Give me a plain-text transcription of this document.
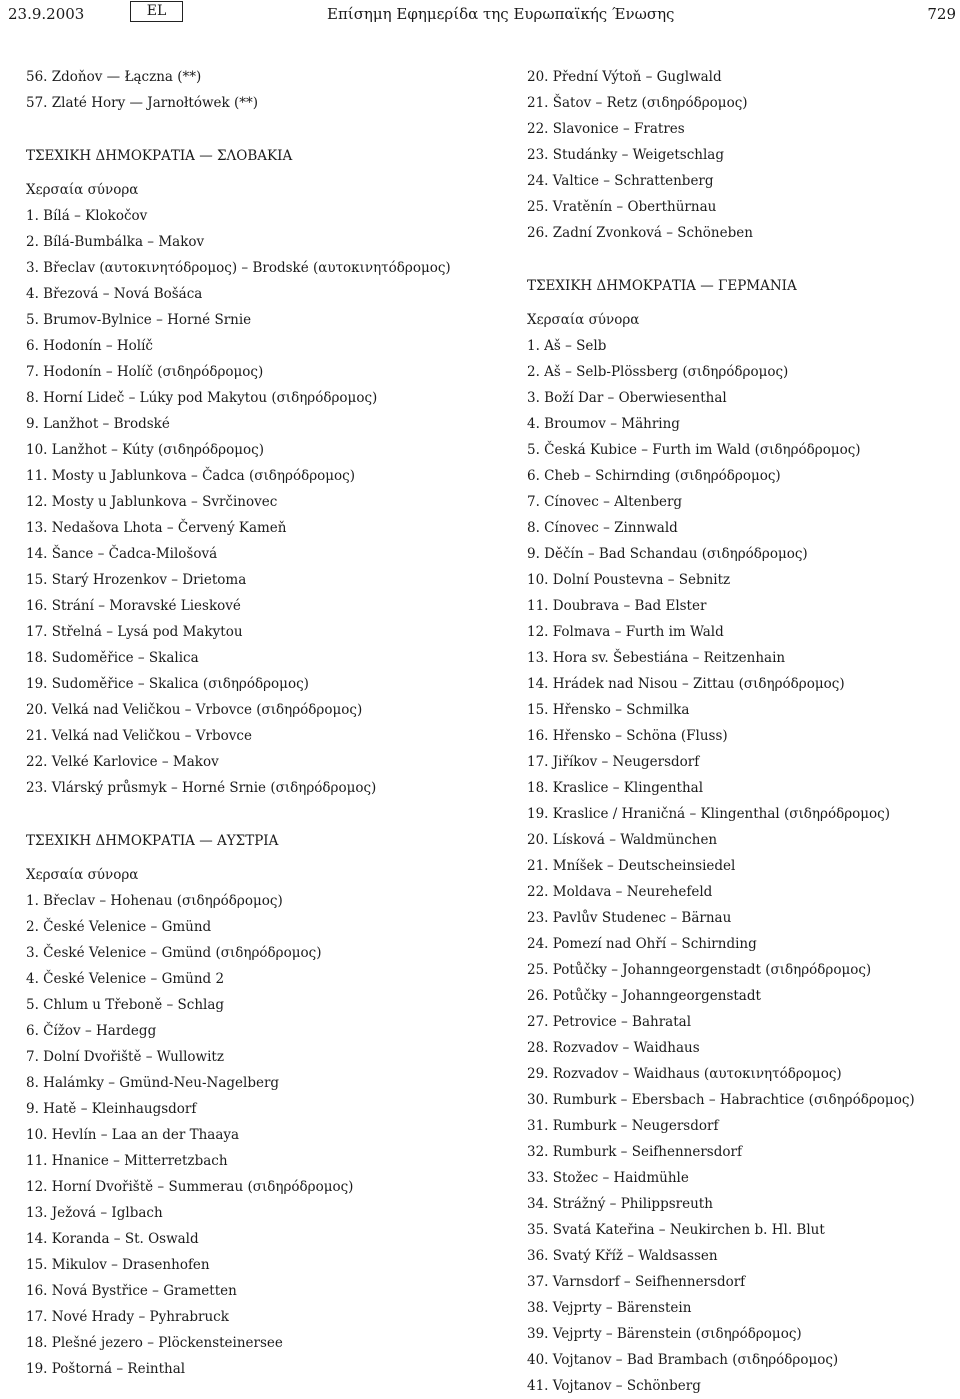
23.9.2003	EL	Επίσημη Εφημερίδα της Ευρωπαϊκής Ένωσης	729
56. Zdoňov — Łączna (**)
57. Zlaté Hory — Jarnołtówek (**)
ΤΣΕΧΙΚΗ ΔΗΜΟΚΡΑΤΙΑ — ΣΛΟΒΑΚΙΑ
Χερσαία σύνορα
1. Bílá – Klokočov
2. Bílá-Bumbálka – Makov
3. Břeclav (αυτοκινητόδρομος) – Brodské (αυτοκινητόδρομος)
4. Březová – Nová Bošáca
5. Brumov-Bylnice – Horné Srnie
6. Hodonín – Holíč
7. Hodonín – Holíč (σιδηρόδρομος)
8. Horní Lideč – Lúky pod Makytou (σιδηρόδρομος)
9. Lanžhot – Brodské
10. Lanžhot – Kúty (σιδηρόδρομος)
11. Mosty u Jablunkova – Čadca (σιδηρόδρομος)
12. Mosty u Jablunkova – Svrčinovec
13. Nedašova Lhota – Červený Kameň
14. Šance – Čadca-Milošová
15. Starý Hrozenkov – Drietoma
16. Strání – Moravské Lieskové
17. Střelná – Lysá pod Makytou
18. Sudoměřice – Skalica
19. Sudoměřice – Skalica (σιδηρόδρομος)
20. Velká nad Veličkou – Vrbovce (σιδηρόδρομος)
21. Velká nad Veličkou – Vrbovce
22. Velké Karlovice – Makov
23. Vlárský průsmyk – Horné Srnie (σιδηρόδρομος)
ΤΣΕΧΙΚΗ ΔΗΜΟΚΡΑΤΙΑ — ΑΥΣΤΡΙΑ
Χερσαία σύνορα
1. Břeclav – Hohenau (σιδηρόδρομος)
2. České Velenice – Gmünd
3. České Velenice – Gmünd (σιδηρόδρομος)
4. České Velenice – Gmünd 2
5. Chlum u Třeboně – Schlag
6. Čížov – Hardegg
7. Dolní Dvořiště – Wullowitz
8. Halámky – Gmünd-Neu-Nagelberg
9. Hatě – Kleinhaugsdorf
10. Hevlín – Laa an der Thaaya
11. Hnanice – Mitterretzbach
12. Horní Dvořiště – Summerau (σιδηρόδρομος)
13. Ježová – Iglbach
14. Koranda – St. Oswald
15. Mikulov – Drasenhofen
16. Nová Bystřice – Grametten
17. Nové Hrady – Pyhrabruck
18. Plešné jezero – Plöckensteinersee
19. Poštorná – Reinthal
20. Přední Výtoň – Guglwald
21. Šatov – Retz (σιδηρόδρομος)
22. Slavonice – Fratres
23. Studánky – Weigetschlag
24. Valtice – Schrattenberg
25. Vratěnín – Oberthürnau
26. Zadní Zvonková – Schöneben
ΤΣΕΧΙΚΗ ΔΗΜΟΚΡΑΤΙΑ — ΓΕΡΜΑΝΙΑ
Χερσαία σύνορα
1. Aš – Selb
2. Aš – Selb-Plössberg (σιδηρόδρομος)
3. Boží Dar – Oberwiesenthal
4. Broumov – Mähring
5. Česká Kubice – Furth im Wald (σιδηρόδρομος)
6. Cheb – Schirnding (σιδηρόδρομος)
7. Cínovec – Altenberg
8. Cínovec – Zinnwald
9. Děčín – Bad Schandau (σιδηρόδρομος)
10. Dolní Poustevna – Sebnitz
11. Doubrava – Bad Elster
12. Folmava – Furth im Wald
13. Hora sv. Šebestiána – Reitzenhain
14. Hrádek nad Nisou – Zittau (σιδηρόδρομος)
15. Hřensko – Schmilka
16. Hřensko – Schöna (Fluss)
17. Jiříkov – Neugersdorf
18. Kraslice – Klingenthal
19. Kraslice / Hraničná – Klingenthal (σιδηρόδρομος)
20. Lísková – Waldmünchen
21. Mníšek – Deutscheinsiedel
22. Moldava – Neurehefeld
23. Pavlův Studenec – Bärnau
24. Pomezí nad Ohří – Schirnding
25. Potůčky – Johanngeorgenstadt (σιδηρόδρομος)
26. Potůčky – Johanngeorgenstadt
27. Petrovice – Bahratal
28. Rozvadov – Waidhaus
29. Rozvadov – Waidhaus (αυτοκινητόδρομος)
30. Rumburk – Ebersbach – Habrachtice (σιδηρόδρομος)
31. Rumburk – Neugersdorf
32. Rumburk – Seifhennersdorf
33. Stožec – Haidmühle
34. Strážný – Philippsreuth
35. Svatá Kateřina – Neukirchen b. Hl. Blut
36. Svatý Kříž – Waldsassen
37. Varnsdorf – Seifhennersdorf
38. Vejprty – Bärenstein
39. Vejprty – Bärenstein (σιδηρόδρομος)
40. Vojtanov – Bad Brambach (σιδηρόδρομος)
41. Vojtanov – Schönberg
